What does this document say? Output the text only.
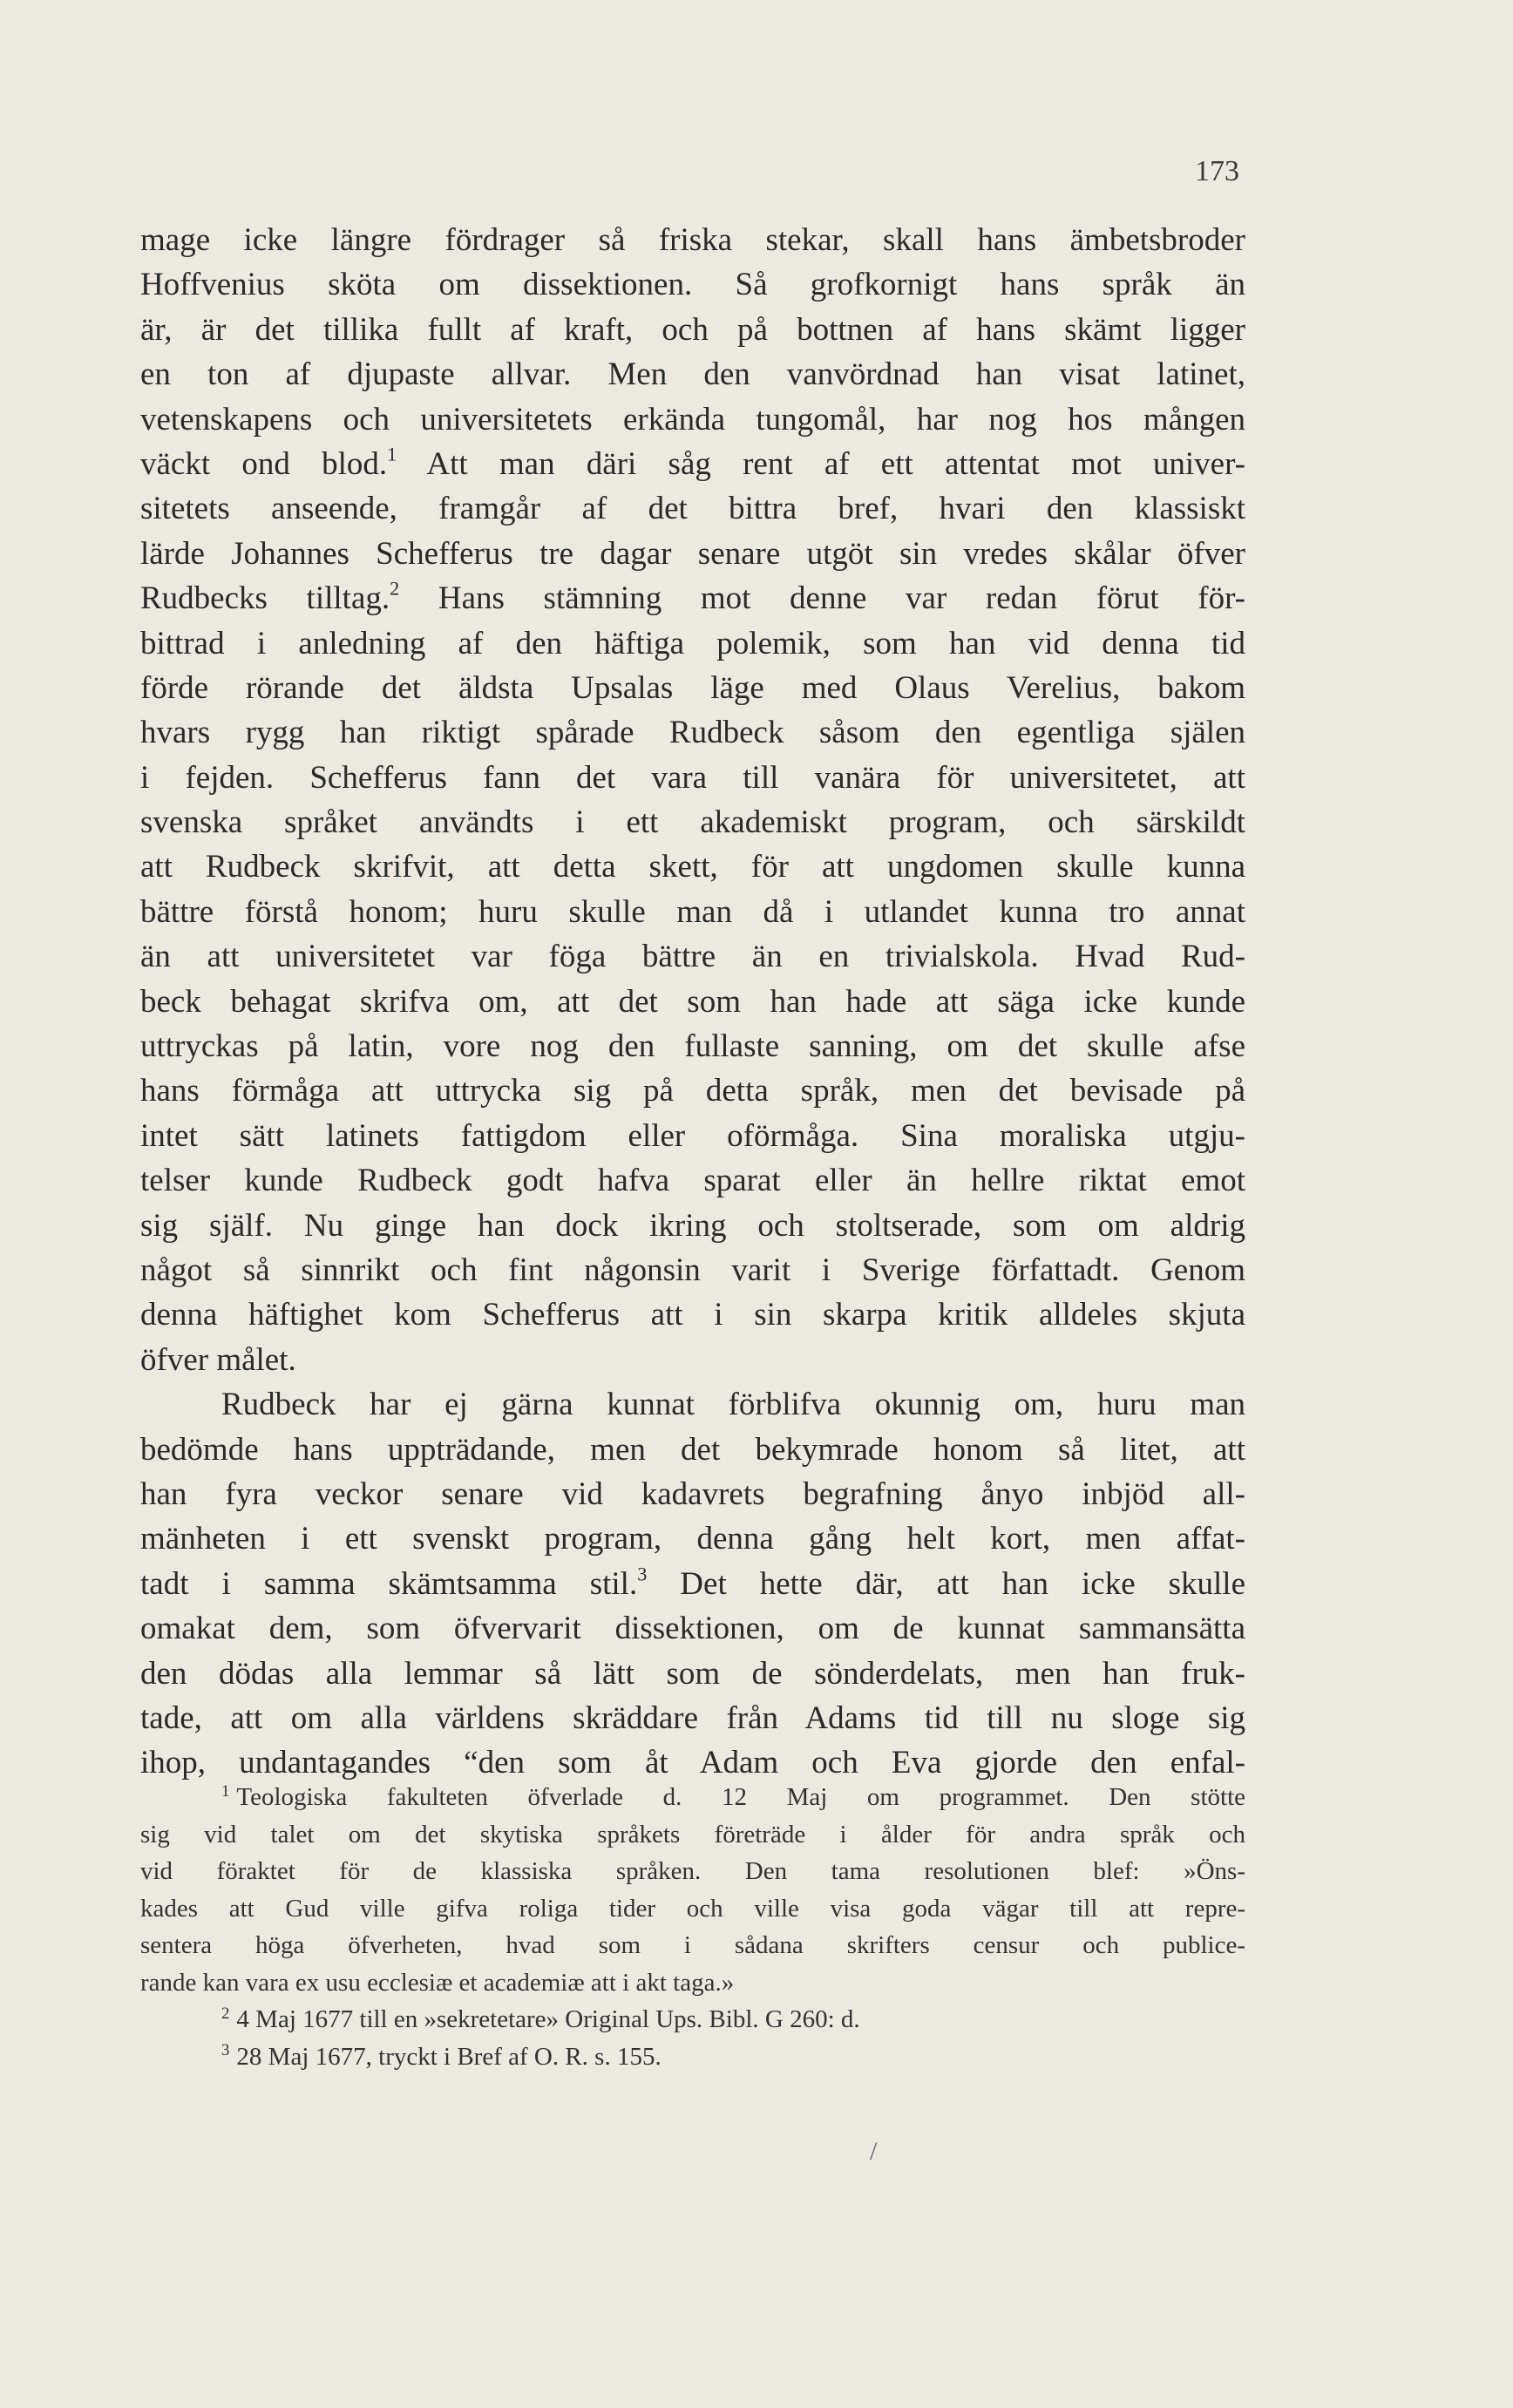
173
mage icke längre fördrager så friska stekar, skall hans ämbetsbroder
Hoffvenius sköta om dissektionen. Så grofkornigt hans språk än
är, är det tillika fullt af kraft, och på bottnen af hans skämt ligger
en ton af djupaste allvar. Men den vanvördnad han visat latinet,
vetenskapens och universitetets erkända tungomål, har nog hos mången
väckt ond blod.$^1$ Att man däri såg rent af ett attentat mot univer-
sitetets anseende, framgår af det bittra bref, hvari den klassiskt
lärde Johannes Schefferus tre dagar senare utgöt sin vredes skålar öfver
Rudbecks tilltag.$^2$ Hans stämning mot denne var redan förut för-
bittrad i anledning af den häftiga polemik, som han vid denna tid
förde rörande det äldsta Upsalas läge med Olaus Verelius, bakom
hvars rygg han riktigt spårade Rudbeck såsom den egentliga själen
i fejden. Schefferus fann det vara till vanära för universitetet, att
svenska språket användts i ett akademiskt program, och särskildt
att Rudbeck skrifvit, att detta skett, för att ungdomen skulle kunna
bättre förstå honom; huru skulle man då i utlandet kunna tro annat
än att universitetet var föga bättre än en trivialskola. Hvad Rud-
beck behagat skrifva om, att det som han hade att säga icke kunde
uttryckas på latin, vore nog den fullaste sanning, om det skulle afse
hans förmåga att uttrycka sig på detta språk, men det bevisade på
intet sätt latinets fattigdom eller oförmåga. Sina moraliska utgju-
telser kunde Rudbeck godt hafva sparat eller än hellre riktat emot
sig själf. Nu ginge han dock ikring och stoltserade, som om aldrig
något så sinnrikt och fint någonsin varit i Sverige författadt. Genom
denna häftighet kom Schefferus att i sin skarpa kritik alldeles skjuta
öfver målet.
Rudbeck har ej gärna kunnat förblifva okunnig om, huru man
bedömde hans uppträdande, men det bekymrade honom så litet, att
han fyra veckor senare vid kadavrets begrafning ånyo inbjöd all-
mänheten i ett svenskt program, denna gång helt kort, men affat-
tadt i samma skämtsamma stil.$^3$ Det hette där, att han icke skulle
omakat dem, som öfvervarit dissektionen, om de kunnat sammansätta
den dödas alla lemmar så lätt som de sönderdelats, men han fruk-
tade, att om alla världens skräddare från Adams tid till nu sloge sig
ihop, undantagandes “den som åt Adam och Eva gjorde den enfal-
$^1$ Teologiska fakulteten öfverlade d. 12 Maj om programmet. Den stötte
sig vid talet om det skytiska språkets företräde i ålder för andra språk och
vid föraktet för de klassiska språken. Den tama resolutionen blef: »Öns-
kades att Gud ville gifva roliga tider och ville visa goda vägar till att repre-
sentera höga öfverheten, hvad som i sådana skrifters censur och publice-
rande kan vara ex usu ecclesiæ et academiæ att i akt taga.»
$^2$ 4 Maj 1677 till en »sekretetare» Original Ups. Bibl. G 260: d.
$^3$ 28 Maj 1677, tryckt i Bref af O. R. s. 155.
/
